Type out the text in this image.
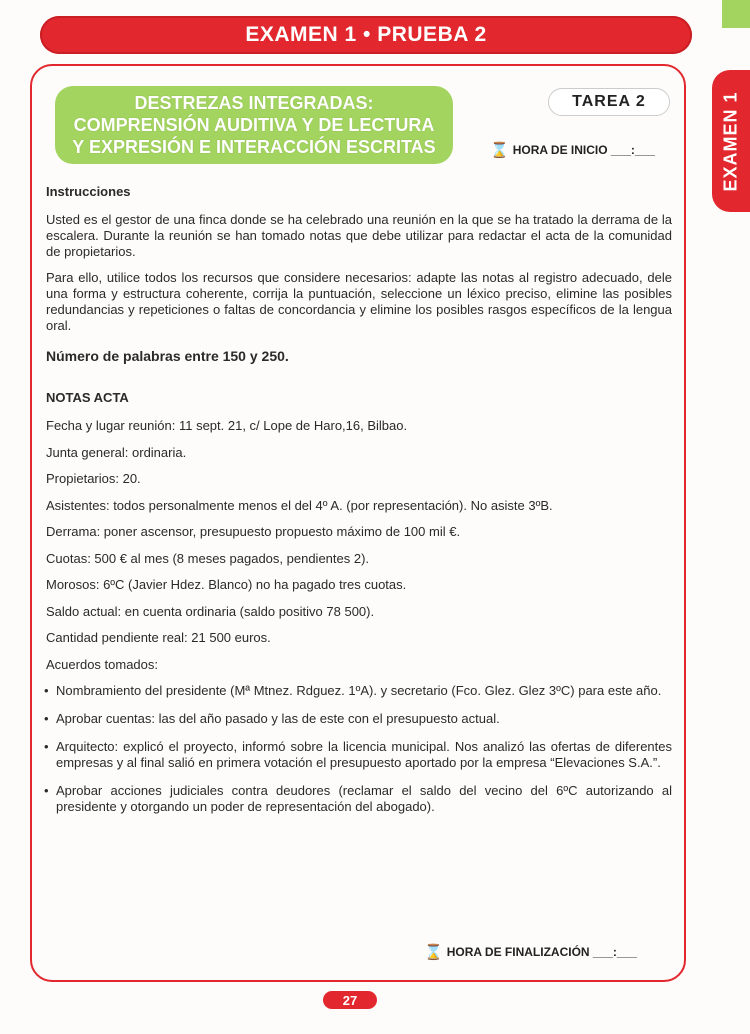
EXAMEN 1 • PRUEBA 2
EXAMEN 1
DESTREZAS INTEGRADAS:
COMPRENSIÓN AUDITIVA Y DE LECTURA
Y EXPRESIÓN E INTERACCIÓN ESCRITAS
TAREA 2
⌛ HORA DE INICIO ___:___

Instrucciones

Usted es el gestor de una finca donde se ha celebrado una reunión en la que se ha tratado la derrama de la escalera. Durante la reunión se han tomado notas que debe utilizar para redactar el acta de la comunidad de propietarios.

Para ello, utilice todos los recursos que considere necesarios: adapte las notas al registro adecuado, dele una forma y estructura coherente, corrija la puntuación, seleccione un léxico preciso, elimine las posibles redundancias y repeticiones o faltas de concordancia y elimine los posibles rasgos específicos de la lengua oral.

Número de palabras entre 150 y 250.

NOTAS ACTA

Fecha y lugar reunión: 11 sept. 21, c/ Lope de Haro,16, Bilbao.

Junta general: ordinaria.

Propietarios: 20.

Asistentes: todos personalmente menos el del 4º A. (por representación). No asiste 3ºB.

Derrama: poner ascensor, presupuesto propuesto máximo de 100 mil €.

Cuotas: 500 € al mes (8 meses pagados, pendientes 2).

Morosos: 6ºC (Javier Hdez. Blanco) no ha pagado tres cuotas.

Saldo actual: en cuenta ordinaria (saldo positivo 78 500).

Cantidad pendiente real: 21 500 euros.

Acuerdos tomados:

• Nombramiento del presidente (Mª Mtnez. Rdguez. 1ºA). y secretario (Fco. Glez. Glez 3ºC) para este año.
• Aprobar cuentas: las del año pasado y las de este con el presupuesto actual.
• Arquitecto: explicó el proyecto, informó sobre la licencia municipal. Nos analizó las ofertas de diferentes empresas y al final salió en primera votación el presupuesto aportado por la empresa “Elevaciones S.A.”.
• Aprobar acciones judiciales contra deudores (reclamar el saldo del vecino del 6ºC autorizando al presidente y otorgando un poder de representación del abogado).
⌛ HORA DE FINALIZACIÓN ___:___
27
